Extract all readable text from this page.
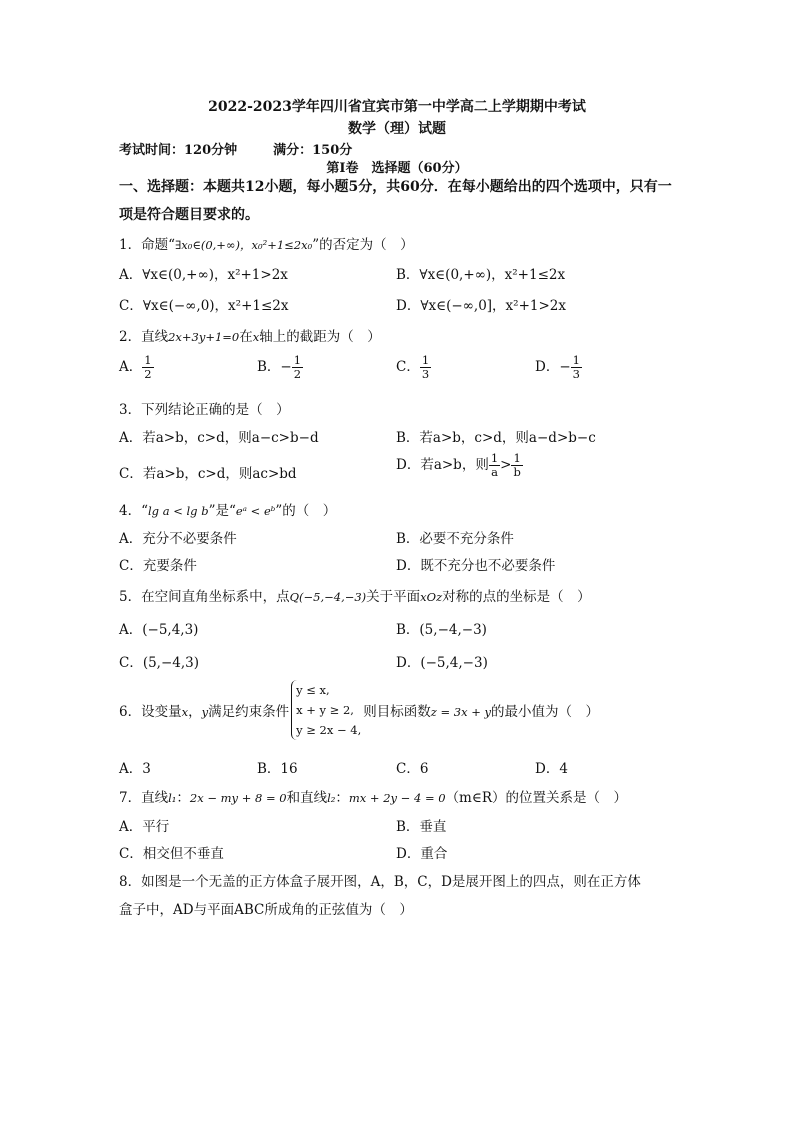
2022-2023学年四川省宜宾市第一中学高二上学期期中考试
数学（理）试题
考试时间：120分钟	满分：150分
第Ⅰ卷　选择题（60分）
一、选择题：本题共12小题，每小题5分，共60分．在每小题给出的四个选项中，只有一项是符合题目要求的。
1．命题“∃x₀∈(0,+∞)，x₀²+1≤2x₀”的否定为（　）
A．∀x∈(0,+∞)，x²+1>2x	B．∀x∈(0,+∞)，x²+1≤2x
C．∀x∈(−∞,0)，x²+1≤2x	D．∀x∈(−∞,0]，x²+1>2x
2．直线2x+3y+1=0在x轴上的截距为（　）
A． $\frac{1}{2}$	B．− $\frac{1}{2}$	C． $\frac{1}{3}$	D．− $\frac{1}{3}$
3．下列结论正确的是（　）
A．若a>b，c>d，则a−c>b−d	B．若a>b，c>d，则a−d>b−c
C．若a>b，c>d，则ac>bd
D．若a>b，则 $\frac{1}{a} > \frac{1}{b}$
4．“lg a < lg b”是“eᵃ < eᵇ”的（　）
A．充分不必要条件	B．必要不充分条件
C．充要条件	D．既不充分也不必要条件
5．在空间直角坐标系中，点Q(−5,−4,−3)关于平面xOz对称的点的坐标是（　）
A．(−5,4,3)	B．(5,−4,−3)
C．(5,−4,3)	D．(−5,4,−3)
6．设变量x，y满足约束条件
y ≤ x,
x + y ≥ 2,
y ≥ 2x − 4,
则目标函数z = 3x + y的最小值为（　）
A．3	B．16	C．6	D．4
7．直线l₁：2x − my + 8 = 0和直线l₂：mx + 2y − 4 = 0（m∈R）的位置关系是（　）
A．平行	B．垂直
C．相交但不垂直	D．重合
8．如图是一个无盖的正方体盒子展开图，A，B，C，D是展开图上的四点，则在正方体
盒子中，AD与平面ABC所成角的正弦值为（　）
